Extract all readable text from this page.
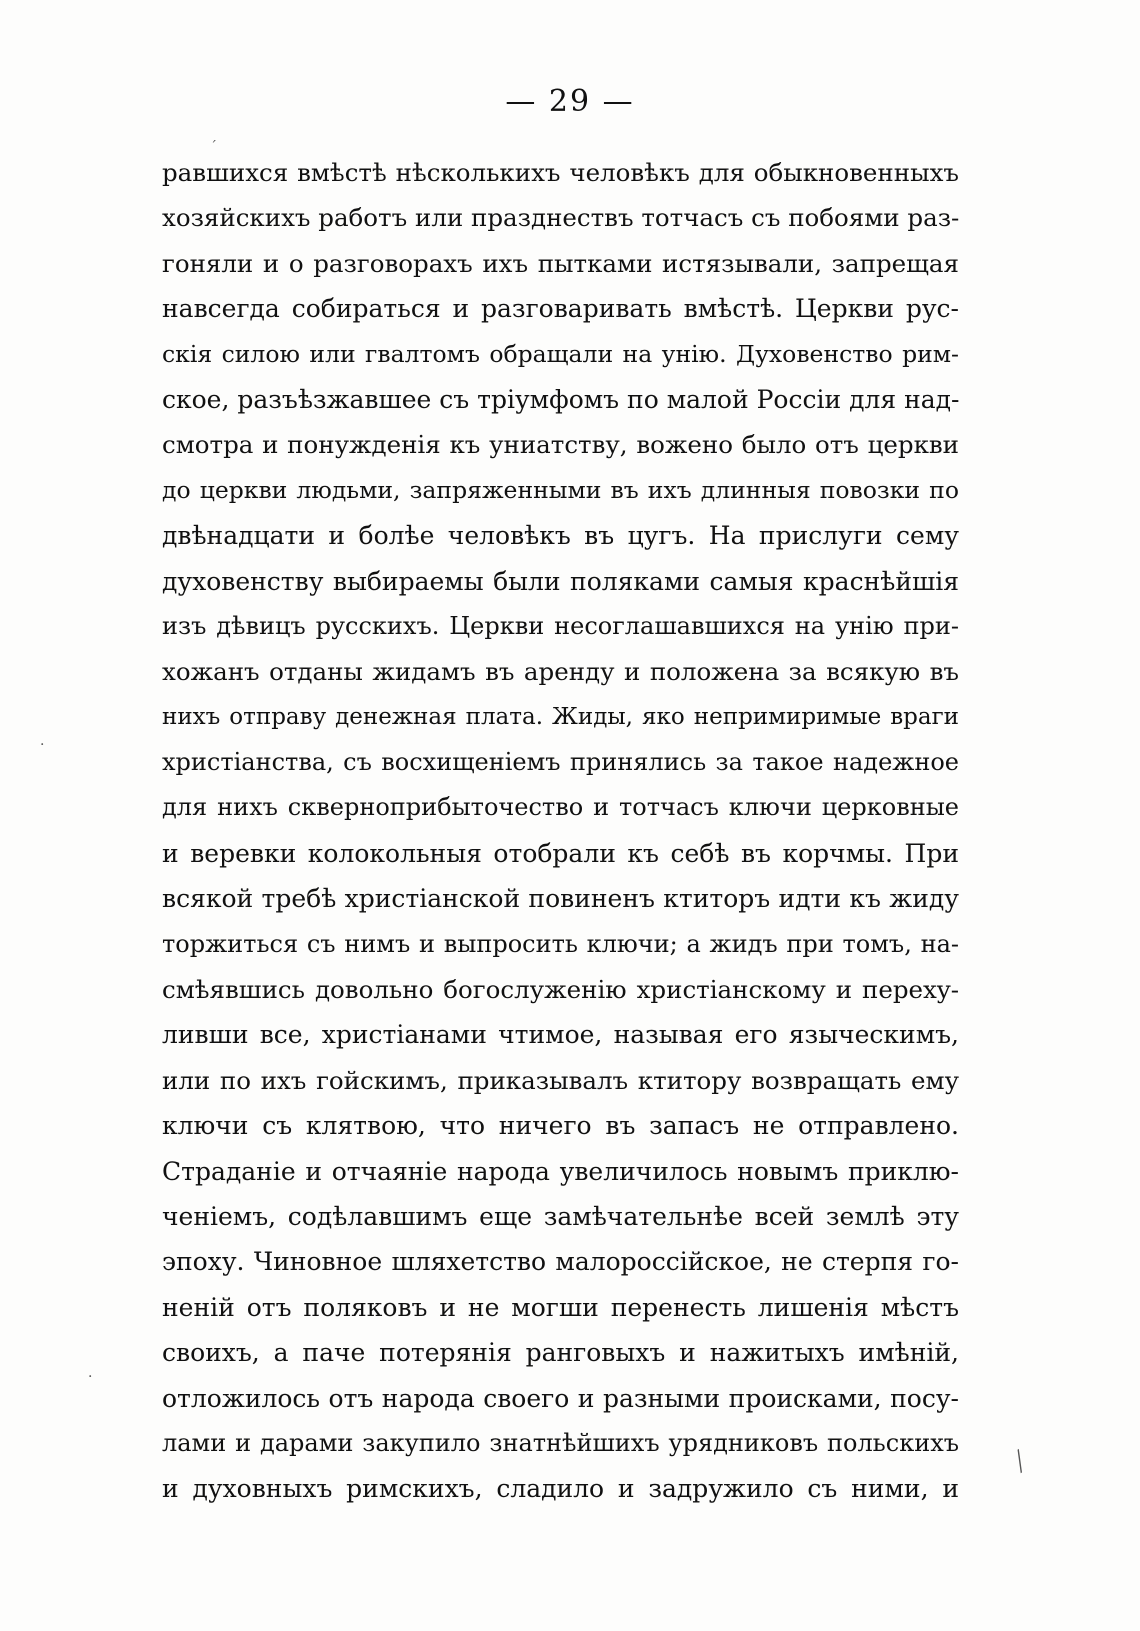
— 29 —
равшихся вмѣстѣ нѣсколькихъ человѣкъ для обыкновенныхъ
хозяйскихъ работъ или празднествъ тотчасъ съ побоями раз-
гоняли и о разговорахъ ихъ пытками истязывали, запрещая
навсегда собираться и разговаривать вмѣстѣ. Церкви рус-
скія силою или гвалтомъ обращали на унію. Духовенство рим-
ское, разъѣзжавшее съ тріумфомъ по малой Россіи для над-
смотра и понужденія къ униатству, вожено было отъ церкви
до церкви людьми, запряженными въ ихъ длинныя повозки по
двѣнадцати и болѣе человѣкъ въ цугъ. На прислуги сему
духовенству выбираемы были поляками самыя краснѣйшія
изъ дѣвицъ русскихъ. Церкви несоглашавшихся на унію при-
хожанъ отданы жидамъ въ аренду и положена за всякую въ
нихъ отправу денежная плата. Жиды, яко непримиримые враги
христіанства, съ восхищеніемъ принялись за такое надежное
для нихъ скверноприбыточество и тотчасъ ключи церковные
и веревки колокольныя отобрали къ себѣ въ корчмы. При
всякой требѣ христіанской повиненъ ктиторъ идти къ жиду
торжиться съ нимъ и выпросить ключи; а жидъ при томъ, на-
смѣявшись довольно богослуженію христіанскому и перехy-
ливши все, христіанами чтимое, называя его языческимъ,
или по ихъ гойскимъ, приказывалъ ктитору возвращать ему
ключи съ клятвою, что ничего въ запасъ не отправлено.
Страданіе и отчаяніе народа увеличилось новымъ приклю-
ченіемъ, содѣлавшимъ еще замѣчательнѣе всей землѣ эту
эпоху. Чиновное шляхетство малороссійское, не стерпя го-
неній отъ поляковъ и не могши перенесть лишенія мѣстъ
своихъ, а паче потерянія ранговыхъ и нажитыхъ имѣній,
отложилось отъ народа своего и разными происками, посу-
лами и дарами закупило знатнѣйшихъ урядниковъ польскихъ
и духовныхъ римскихъ, сладило и задружило съ ними, и
ˊ
·
·
╱
